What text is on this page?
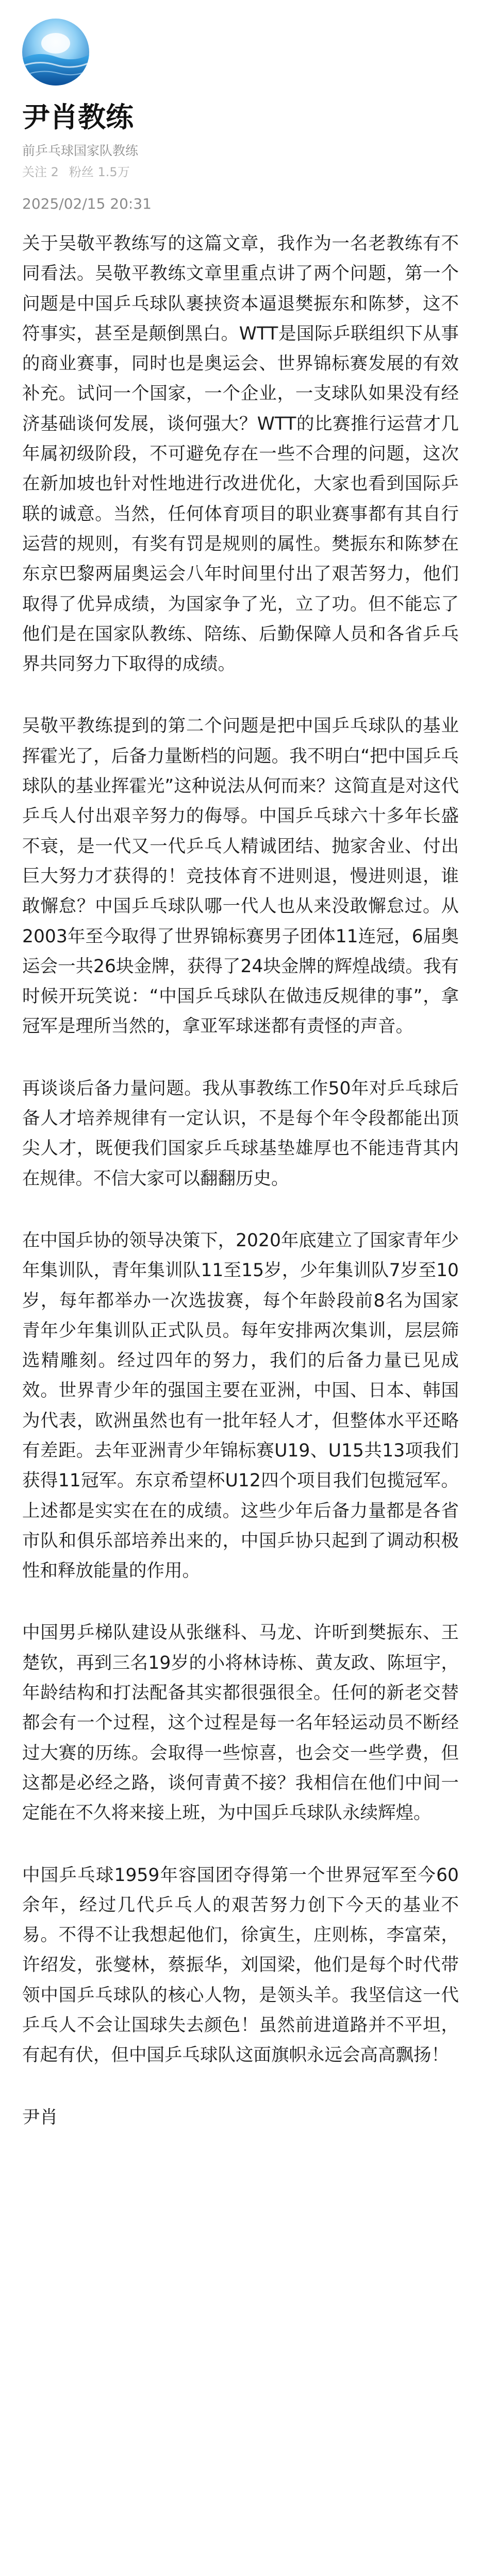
尹肖教练
前乒乓球国家队教练
关注 2 粉丝 1.5万
2025/02/15 20:31

关于吴敬平教练写的这篇文章，我作为一名老教练有不同看法。吴敬平教练文章里重点讲了两个问题，第一个问题是中国乒乓球队裹挟资本逼退樊振东和陈梦，这不符事实，甚至是颠倒黑白。WTT是国际乒联组织下从事的商业赛事，同时也是奥运会、世界锦标赛发展的有效补充。试问一个国家，一个企业，一支球队如果没有经济基础谈何发展，谈何强大？WTT的比赛推行运营才几年属初级阶段，不可避免存在一些不合理的问题，这次在新加坡也针对性地进行改进优化，大家也看到国际乒联的诚意。当然，任何体育项目的职业赛事都有其自行运营的规则，有奖有罚是规则的属性。樊振东和陈梦在东京巴黎两届奥运会八年时间里付出了艰苦努力，他们取得了优异成绩，为国家争了光，立了功。但不能忘了他们是在国家队教练、陪练、后勤保障人员和各省乒乓界共同努力下取得的成绩。

吴敬平教练提到的第二个问题是把中国乒乓球队的基业挥霍光了，后备力量断档的问题。我不明白“把中国乒乓球队的基业挥霍光”这种说法从何而来？这简直是对这代乒乓人付出艰辛努力的侮辱。中国乒乓球六十多年长盛不衰，是一代又一代乒乓人精诚团结、抛家舍业、付出巨大努力才获得的！竞技体育不进则退，慢进则退，谁敢懈怠？中国乒乓球队哪一代人也从来没敢懈怠过。从2003年至今取得了世界锦标赛男子团体11连冠，6届奥运会一共26块金牌，获得了24块金牌的辉煌战绩。我有时候开玩笑说：“中国乒乓球队在做违反规律的事”，拿冠军是理所当然的，拿亚军球迷都有责怪的声音。

再谈谈后备力量问题。我从事教练工作50年对乒乓球后备人才培养规律有一定认识，不是每个年令段都能出顶尖人才，既便我们国家乒乓球基垫雄厚也不能违背其内在规律。不信大家可以翻翻历史。

在中国乒协的领导决策下，2020年底建立了国家青年少年集训队，青年集训队11至15岁，少年集训队7岁至10岁，每年都举办一次选拔赛，每个年龄段前8名为国家青年少年集训队正式队员。每年安排两次集训，层层筛选精雕刻。经过四年的努力，我们的后备力量已见成效。世界青少年的强国主要在亚洲，中国、日本、韩国为代表，欧洲虽然也有一批年轻人才，但整体水平还略有差距。去年亚洲青少年锦标赛U19、U15共13项我们获得11冠军。东京希望杯U12四个项目我们包揽冠军。上述都是实实在在的成绩。这些少年后备力量都是各省市队和俱乐部培养出来的，中国乒协只起到了调动积极性和释放能量的作用。

中国男乒梯队建设从张继科、马龙、许昕到樊振东、王楚钦，再到三名19岁的小将林诗栋、黄友政、陈垣宇，年龄结构和打法配备其实都很强很全。任何的新老交替都会有一个过程，这个过程是每一名年轻运动员不断经过大赛的历练。会取得一些惊喜，也会交一些学费，但这都是必经之路，谈何青黄不接？我相信在他们中间一定能在不久将来接上班，为中国乒乓球队永续辉煌。

中国乒乓球1959年容国团夺得第一个世界冠军至今60余年，经过几代乒乓人的艰苦努力创下今天的基业不易。不得不让我想起他们，徐寅生，庄则栋，李富荣，许绍发，张燮林，蔡振华，刘国梁，他们是每个时代带领中国乒乓球队的核心人物，是领头羊。我坚信这一代乒乓人不会让国球失去颜色！虽然前进道路并不平坦，有起有伏，但中国乒乓球队这面旗帜永远会高高飘扬！

尹肖
